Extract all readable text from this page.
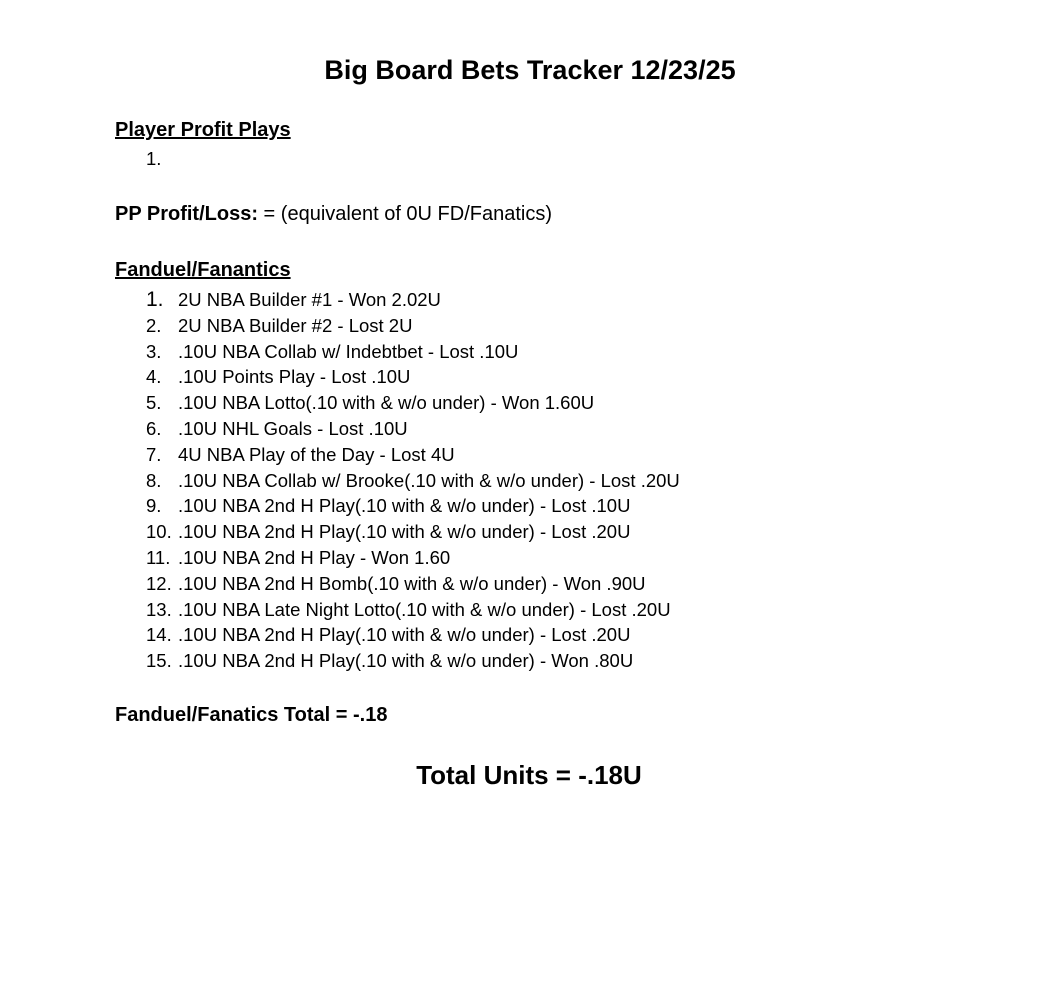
Big Board Bets Tracker 12/23/25
Player Profit Plays
1.
PP Profit/Loss: = (equivalent of 0U FD/Fanatics)
Fanduel/Fanantics
1. 2U NBA Builder #1 - Won 2.02U
2. 2U NBA Builder #2 - Lost 2U
3. .10U NBA Collab w/ Indebtbet - Lost .10U
4. .10U Points Play - Lost .10U
5. .10U NBA Lotto(.10 with & w/o under) - Won 1.60U
6. .10U NHL Goals - Lost .10U
7. 4U NBA Play of the Day - Lost 4U
8. .10U NBA Collab w/ Brooke(.10 with & w/o under) - Lost .20U
9. .10U NBA 2nd H Play(.10 with & w/o under) - Lost .10U
10. .10U NBA 2nd H Play(.10 with & w/o under) - Lost .20U
11. .10U NBA 2nd H Play - Won 1.60
12. .10U NBA 2nd H Bomb(.10 with & w/o under) - Won .90U
13. .10U NBA Late Night Lotto(.10 with & w/o under) - Lost .20U
14. .10U NBA 2nd H Play(.10 with & w/o under) - Lost .20U
15. .10U NBA 2nd H Play(.10 with & w/o under) - Won .80U
Fanduel/Fanatics Total = -.18
Total Units = -.18U
